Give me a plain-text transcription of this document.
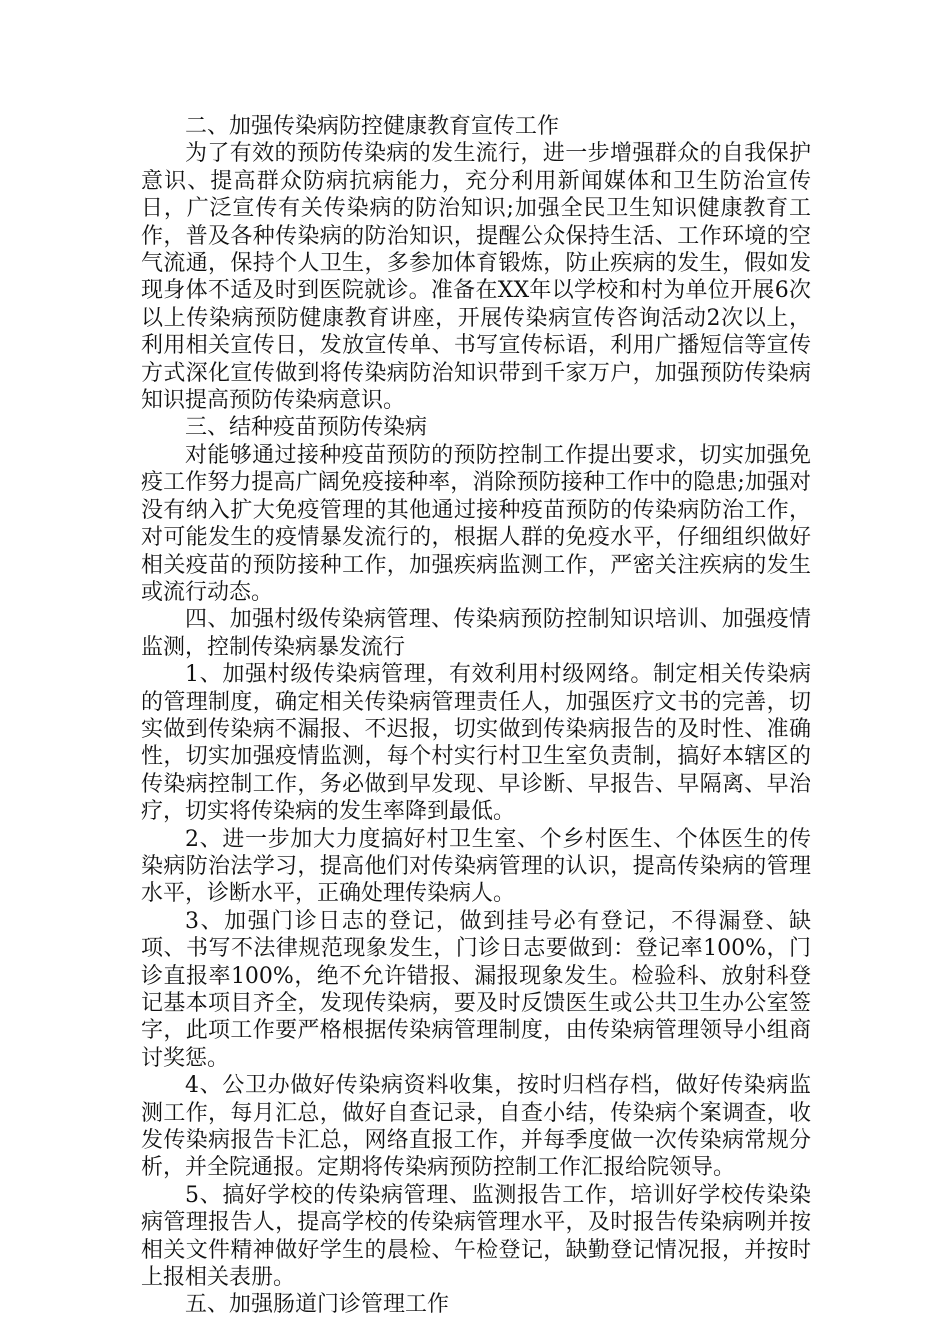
二、加强传染病防控健康教育宣传工作

为了有效的预防传染病的发生流行，进一步增强群众的自我保护意识、提高群众防病抗病能力，充分利用新闻媒体和卫生防治宣传日，广泛宣传有关传染病的防治知识;加强全民卫生知识健康教育工作，普及各种传染病的防治知识，提醒公众保持生活、工作环境的空气流通，保持个人卫生，多参加体育锻炼，防止疾病的发生，假如发现身体不适及时到医院就诊。准备在XX年以学校和村为单位开展6次以上传染病预防健康教育讲座，开展传染病宣传咨询活动2次以上，利用相关宣传日，发放宣传单、书写宣传标语，利用广播短信等宣传方式深化宣传做到将传染病防治知识带到千家万户，加强预防传染病知识提高预防传染病意识。

三、结种疫苗预防传染病

对能够通过接种疫苗预防的预防控制工作提出要求，切实加强免疫工作努力提高广阔免疫接种率，消除预防接种工作中的隐患;加强对没有纳入扩大免疫管理的其他通过接种疫苗预防的传染病防治工作，对可能发生的疫情暴发流行的，根据人群的免疫水平，仔细组织做好相关疫苗的预防接种工作，加强疾病监测工作，严密关注疾病的发生或流行动态。

四、加强村级传染病管理、传染病预防控制知识培训、加强疫情监测，控制传染病暴发流行

1、加强村级传染病管理，有效利用村级网络。制定相关传染病的管理制度，确定相关传染病管理责任人，加强医疗文书的完善，切实做到传染病不漏报、不迟报，切实做到传染病报告的及时性、准确性，切实加强疫情监测，每个村实行村卫生室负责制，搞好本辖区的传染病控制工作，务必做到早发现、早诊断、早报告、早隔离、早治疗，切实将传染病的发生率降到最低。

2、进一步加大力度搞好村卫生室、个乡村医生、个体医生的传染病防治法学习，提高他们对传染病管理的认识，提高传染病的管理水平，诊断水平，正确处理传染病人。

3、加强门诊日志的登记，做到挂号必有登记，不得漏登、缺项、书写不法律规范现象发生，门诊日志要做到：登记率100%，门诊直报率100%，绝不允许错报、漏报现象发生。检验科、放射科登记基本项目齐全，发现传染病，要及时反馈医生或公共卫生办公室签字，此项工作要严格根据传染病管理制度，由传染病管理领导小组商讨奖惩。

4、公卫办做好传染病资料收集，按时归档存档，做好传染病监测工作，每月汇总，做好自查记录，自查小结，传染病个案调查，收发传染病报告卡汇总，网络直报工作，并每季度做一次传染病常规分析，并全院通报。定期将传染病预防控制工作汇报给院领导。

5、搞好学校的传染病管理、监测报告工作，培训好学校传染染病管理报告人，提高学校的传染病管理水平，及时报告传染病咧并按相关文件精神做好学生的晨检、午检登记，缺勤登记情况报，并按时上报相关表册。

五、加强肠道门诊管理工作
